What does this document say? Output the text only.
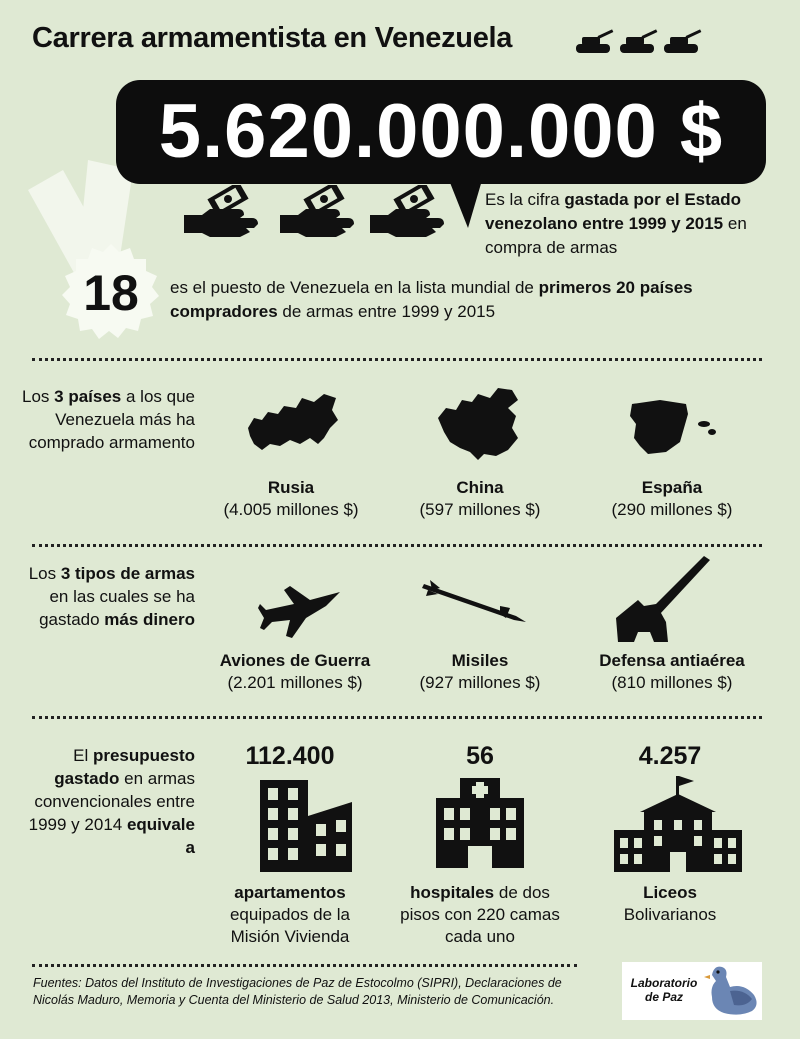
Carrera armamentista en Venezuela
18
5.620.000.000 $
Es la cifra gastada por el Estado venezolano entre 1999 y 2015 en compra de armas
es el puesto de Venezuela en la lista mundial de primeros 20 países compradores de armas entre 1999 y 2015
Los 3 países a los que Venezuela más ha comprado armamento
Rusia
(4.005 millones $)
China
(597 millones $)
España
(290 millones $)
Los 3 tipos de armas en las cuales se ha gastado más dinero
Aviones de Guerra
(2.201 millones $)
Misiles
(927 millones $)
Defensa antiaérea
(810 millones $)
El presupuesto gastado en armas convencionales entre 1999 y 2014 equivale a
112.400	56	4.257
apartamentos equipados de la Misión Vivienda
hospitales de dos pisos con 220 camas cada uno
Liceos Bolivarianos
Fuentes: Datos del Instituto de Investigaciones de Paz de Estocolmo (SIPRI), Declaraciones de Nicolás Maduro, Memoria y Cuenta del Ministerio de Salud 2013, Ministerio de Comunicación.
Laboratorio
de Paz
